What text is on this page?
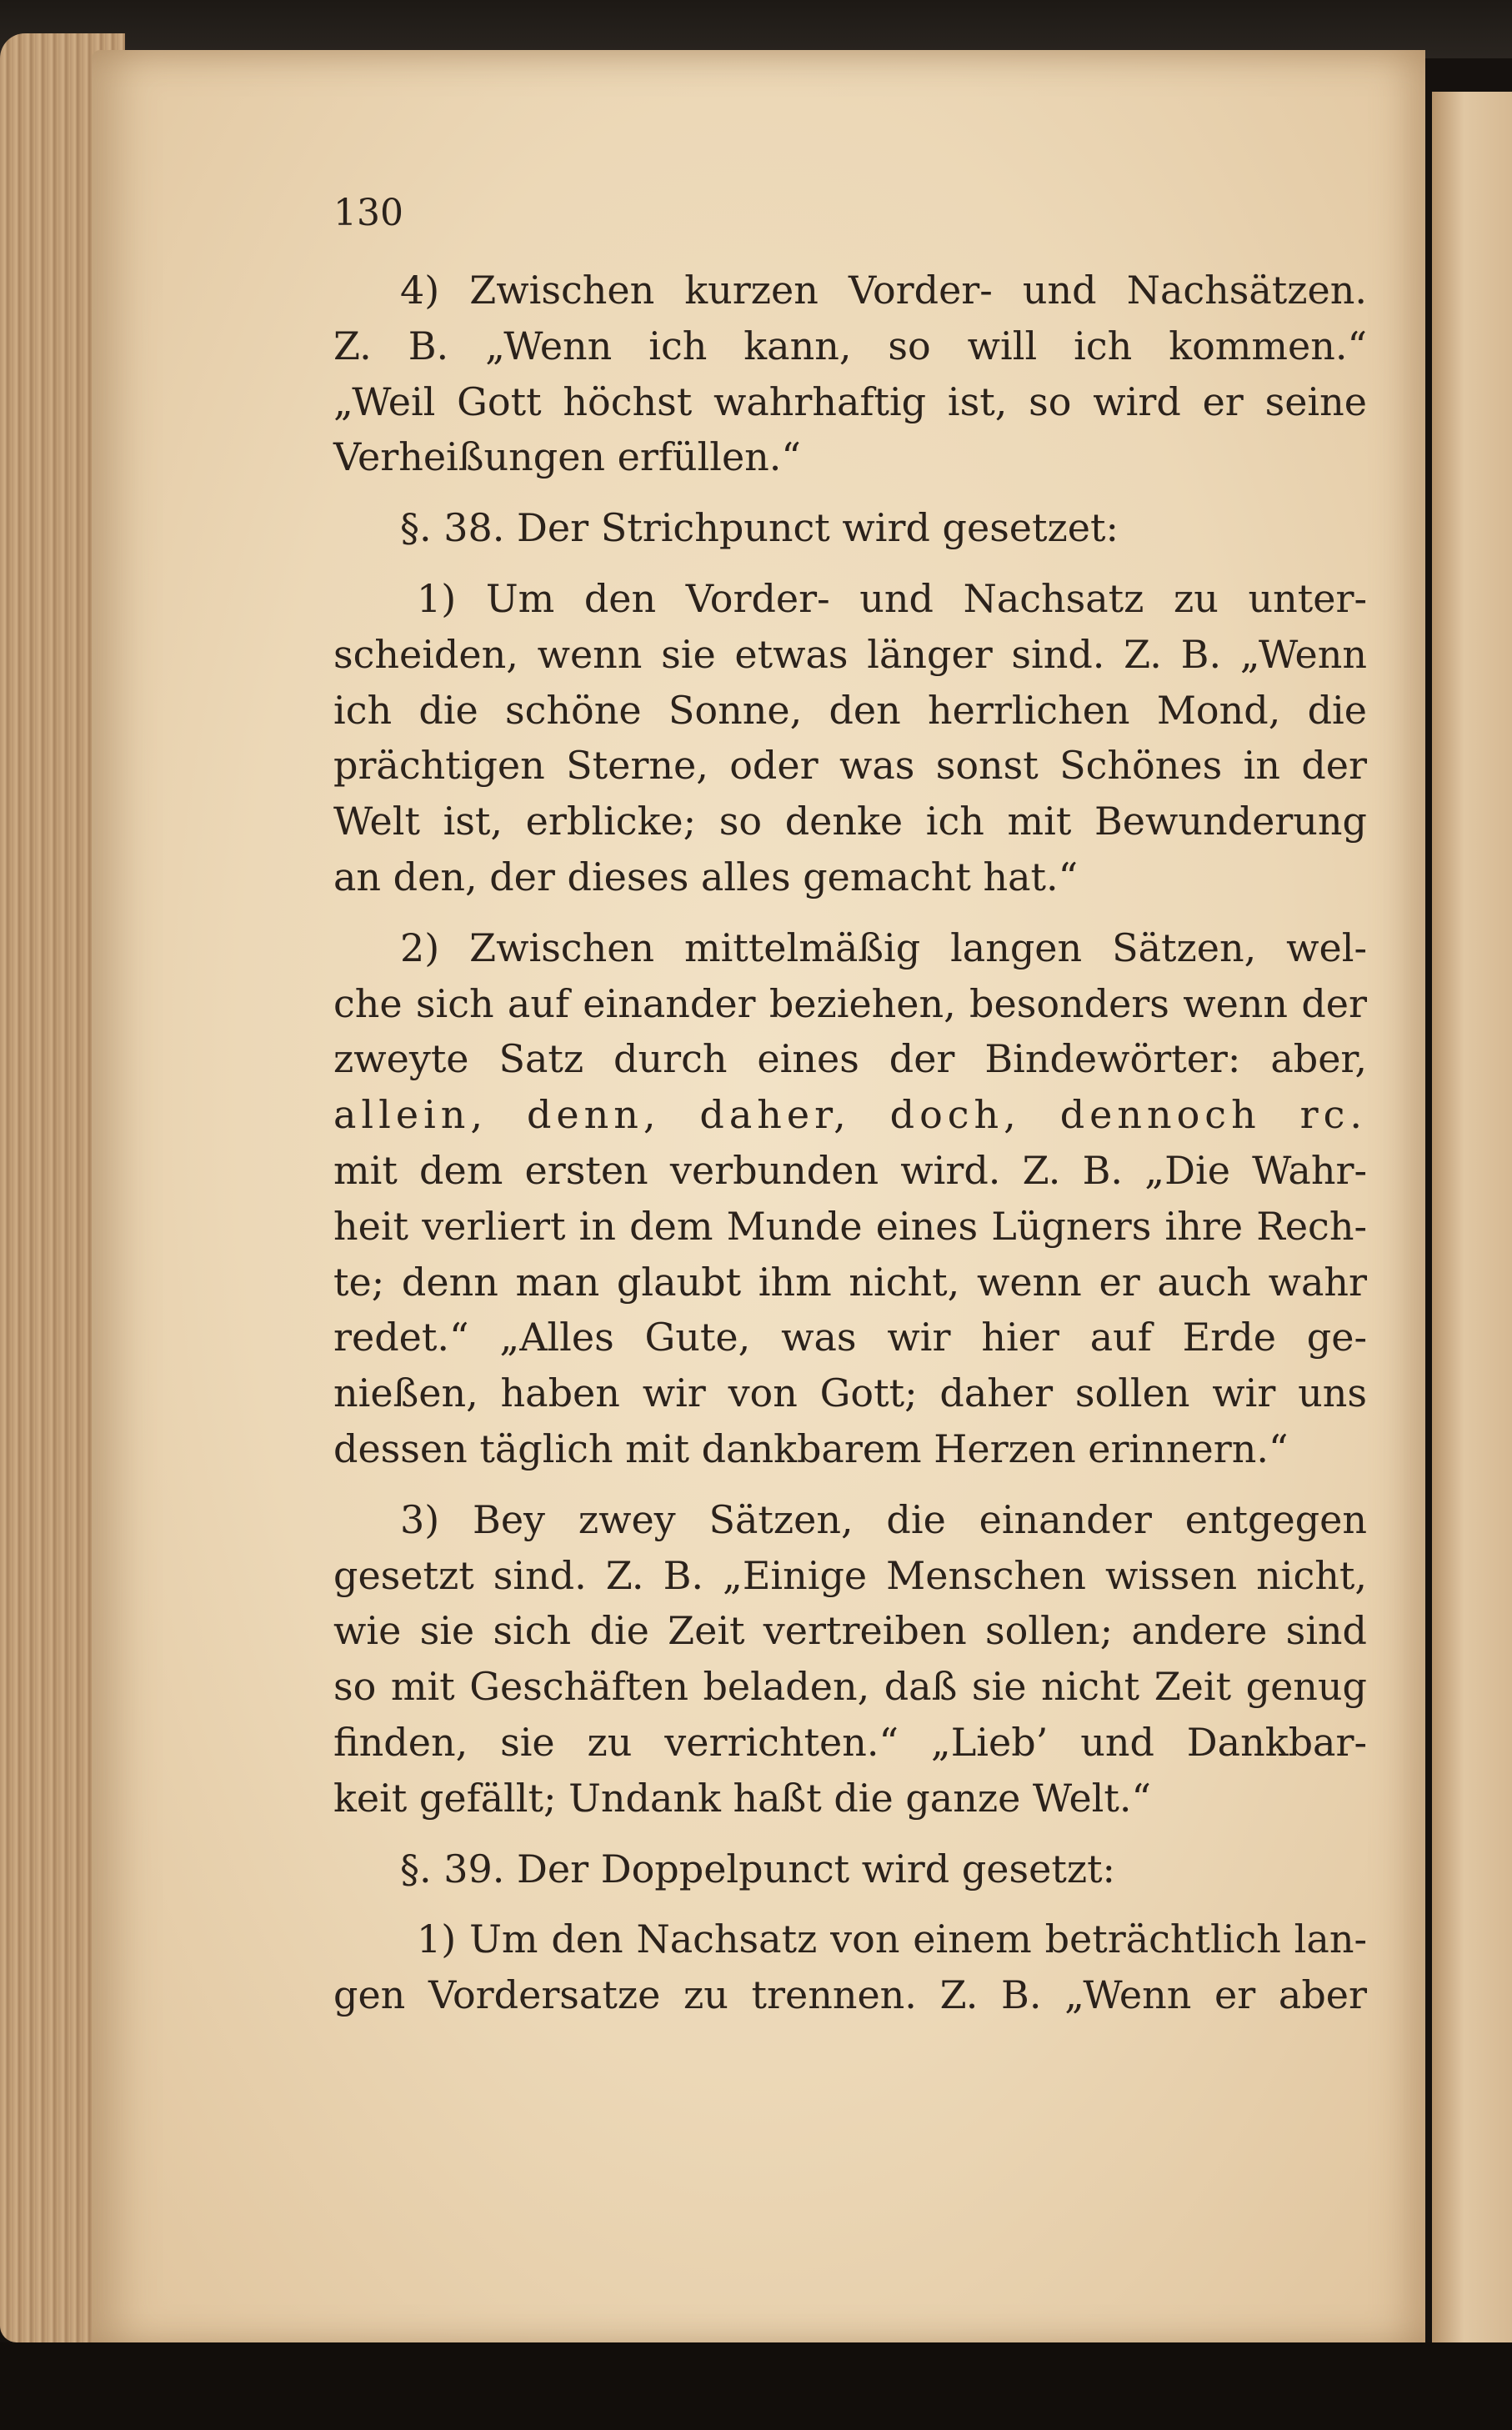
130
4) Zwischen kurzen Vorder- und Nachsätzen.
Z. B. „Wenn ich kann, so will ich kommen.“
„Weil Gott höchst wahrhaftig ist, so wird er seine
Verheißungen erfüllen.“
§. 38. Der Strichpunct wird gesetzet:
1) Um den Vorder- und Nachsatz zu unter-
scheiden, wenn sie etwas länger sind. Z. B. „Wenn
ich die schöne Sonne, den herrlichen Mond, die
prächtigen Sterne, oder was sonst Schönes in der
Welt ist, erblicke; so denke ich mit Bewunderung
an den, der dieses alles gemacht hat.“
2) Zwischen mittelmäßig langen Sätzen, wel-
che sich auf einander beziehen, besonders wenn der
zweyte Satz durch eines der Bindewörter: aber,
allein, denn, daher, doch, dennoch rc.
mit dem ersten verbunden wird. Z. B. „Die Wahr-
heit verliert in dem Munde eines Lügners ihre Rech-
te; denn man glaubt ihm nicht, wenn er auch wahr
redet.“ „Alles Gute, was wir hier auf Erde ge-
nießen, haben wir von Gott; daher sollen wir uns
dessen täglich mit dankbarem Herzen erinnern.“
3) Bey zwey Sätzen, die einander entgegen
gesetzt sind. Z. B. „Einige Menschen wissen nicht,
wie sie sich die Zeit vertreiben sollen; andere sind
so mit Geschäften beladen, daß sie nicht Zeit genug
finden, sie zu verrichten.“ „Lieb’ und Dankbar-
keit gefällt; Undank haßt die ganze Welt.“
§. 39. Der Doppelpunct wird gesetzt:
1) Um den Nachsatz von einem beträchtlich lan-
gen Vordersatze zu trennen. Z. B. „Wenn er aber
